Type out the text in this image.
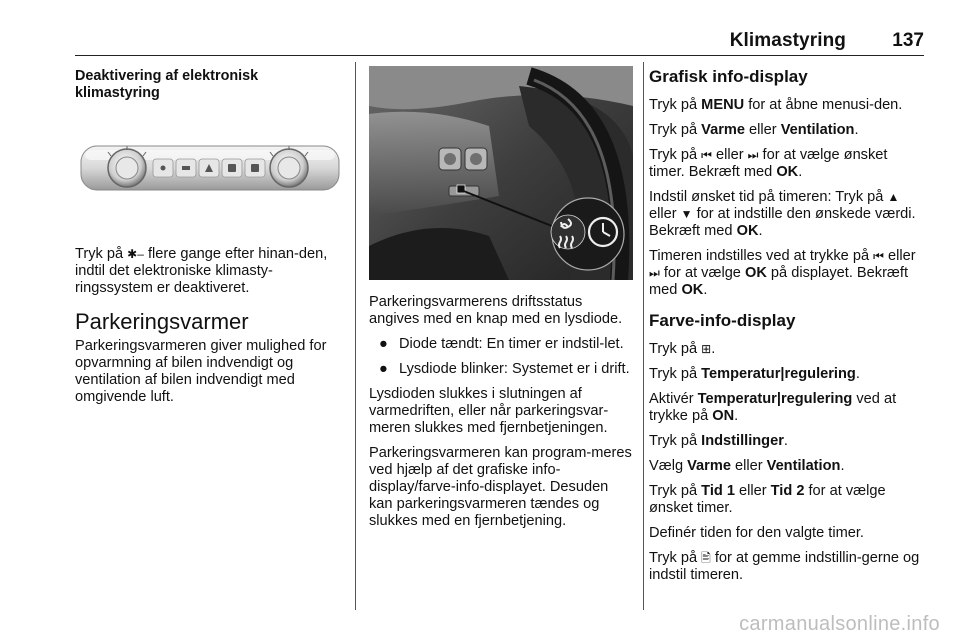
Klimastyring 137
Deaktivering af elektronisk klimastyring

Tryk på ✱– flere gange efter hinan-den, indtil det elektroniske klimasty-ringssystem er deaktiveret.

Parkeringsvarmer

Parkeringsvarmeren giver mulighed for opvarmning af bilen indvendigt og ventilation af bilen indvendigt med omgivende luft.

Parkeringsvarmerens driftsstatus angives med en knap med en lysdiode.

● Diode tændt: En timer er indstil-let.
● Lysdiode blinker: Systemet er i drift.

Lysdioden slukkes i slutningen af varmedriften, eller når parkeringsvar-meren slukkes med fjernbetjeningen.

Parkeringsvarmeren kan program-meres ved hjælp af det grafiske info-display/farve-info-displayet. Desuden kan parkeringsvarmeren tændes og slukkes med en fjernbetjening.

Grafisk info-display

Tryk på MENU for at åbne menusi-den.

Tryk på Varme eller Ventilation.

Tryk på ⏮ eller ⏭ for at vælge ønsket timer. Bekræft med OK.

Indstil ønsket tid på timeren: Tryk på ▲ eller ▼ for at indstille den ønskede værdi. Bekræft med OK.

Timeren indstilles ved at trykke på ⏮ eller ⏭ for at vælge OK på displayet. Bekræft med OK.

Farve-info-display

Tryk på ⊞.

Tryk på Temperatur|regulering.

Aktivér Temperatur|regulering ved at trykke på ON.

Tryk på Indstillinger.

Vælg Varme eller Ventilation.

Tryk på Tid 1 eller Tid 2 for at vælge ønsket timer.

Definér tiden for den valgte timer.

Tryk på 🖹 for at gemme indstillin-gerne og indstil timeren.

carmanualsonline.info
